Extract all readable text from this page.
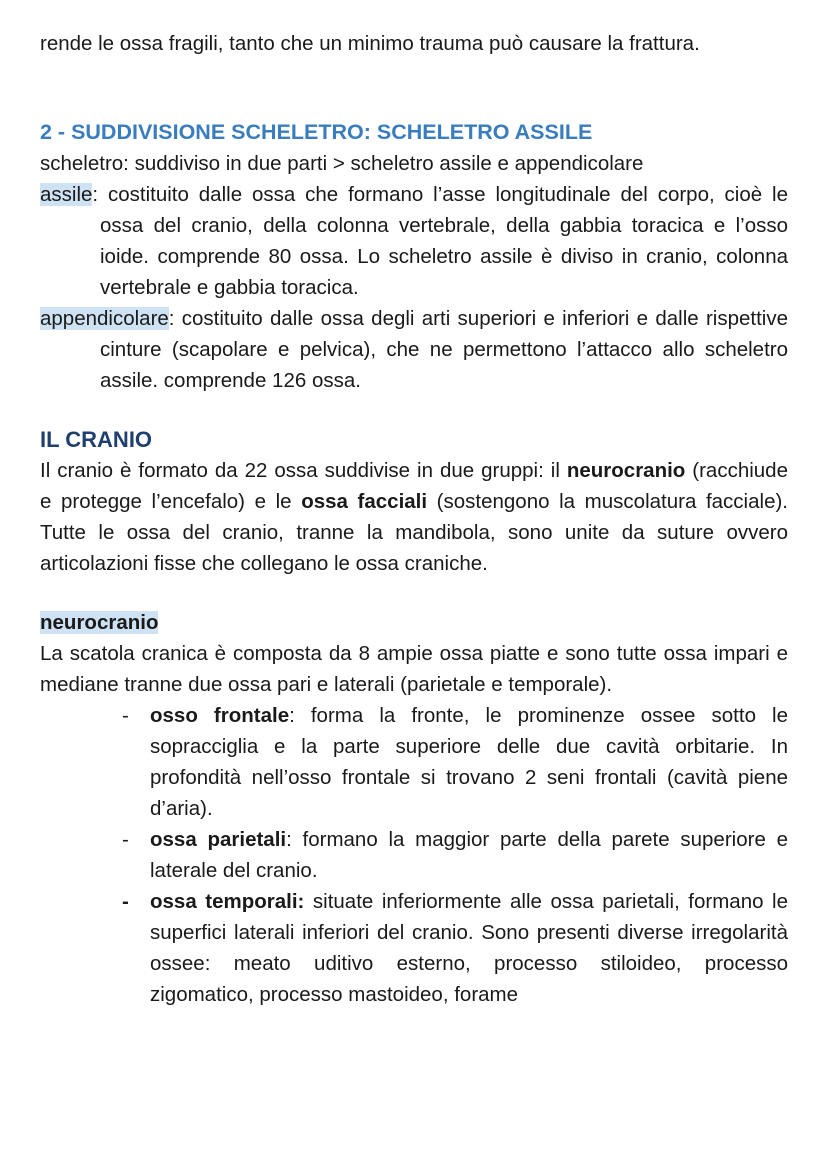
rende le ossa fragili, tanto che un minimo trauma può causare la frattura.

2 - SUDDIVISIONE SCHELETRO: SCHELETRO ASSILE

scheletro: suddiviso in due parti > scheletro assile e appendicolare

assile: costituito dalle ossa che formano l’asse longitudinale del corpo, cioè le ossa del cranio, della colonna vertebrale, della gabbia toracica e l’osso ioide. comprende 80 ossa. Lo scheletro assile è diviso in cranio, colonna vertebrale e gabbia toracica.

appendicolare: costituito dalle ossa degli arti superiori e inferiori e dalle rispettive cinture (scapolare e pelvica), che ne permettono l’attacco allo scheletro assile. comprende 126 ossa.

IL CRANIO

Il cranio è formato da 22 ossa suddivise in due gruppi: il neurocranio (racchiude e protegge l’encefalo) e le ossa facciali (sostengono la muscolatura facciale). Tutte le ossa del cranio, tranne la mandibola, sono unite da suture ovvero articolazioni fisse che collegano le ossa craniche.

neurocranio

La scatola cranica è composta da 8 ampie ossa piatte e sono tutte ossa impari e mediane tranne due ossa pari e laterali (parietale e temporale).

- osso frontale: forma la fronte, le prominenze ossee sotto le sopracciglia e la parte superiore delle due cavità orbitarie. In profondità nell’osso frontale si trovano 2 seni frontali (cavità piene d’aria).
- ossa parietali: formano la maggior parte della parete superiore e laterale del cranio.
- ossa temporali: situate inferiormente alle ossa parietali, formano le superfici laterali inferiori del cranio. Sono presenti diverse irregolarità ossee: meato uditivo esterno, processo stiloideo, processo zigomatico, processo mastoideo, forame
